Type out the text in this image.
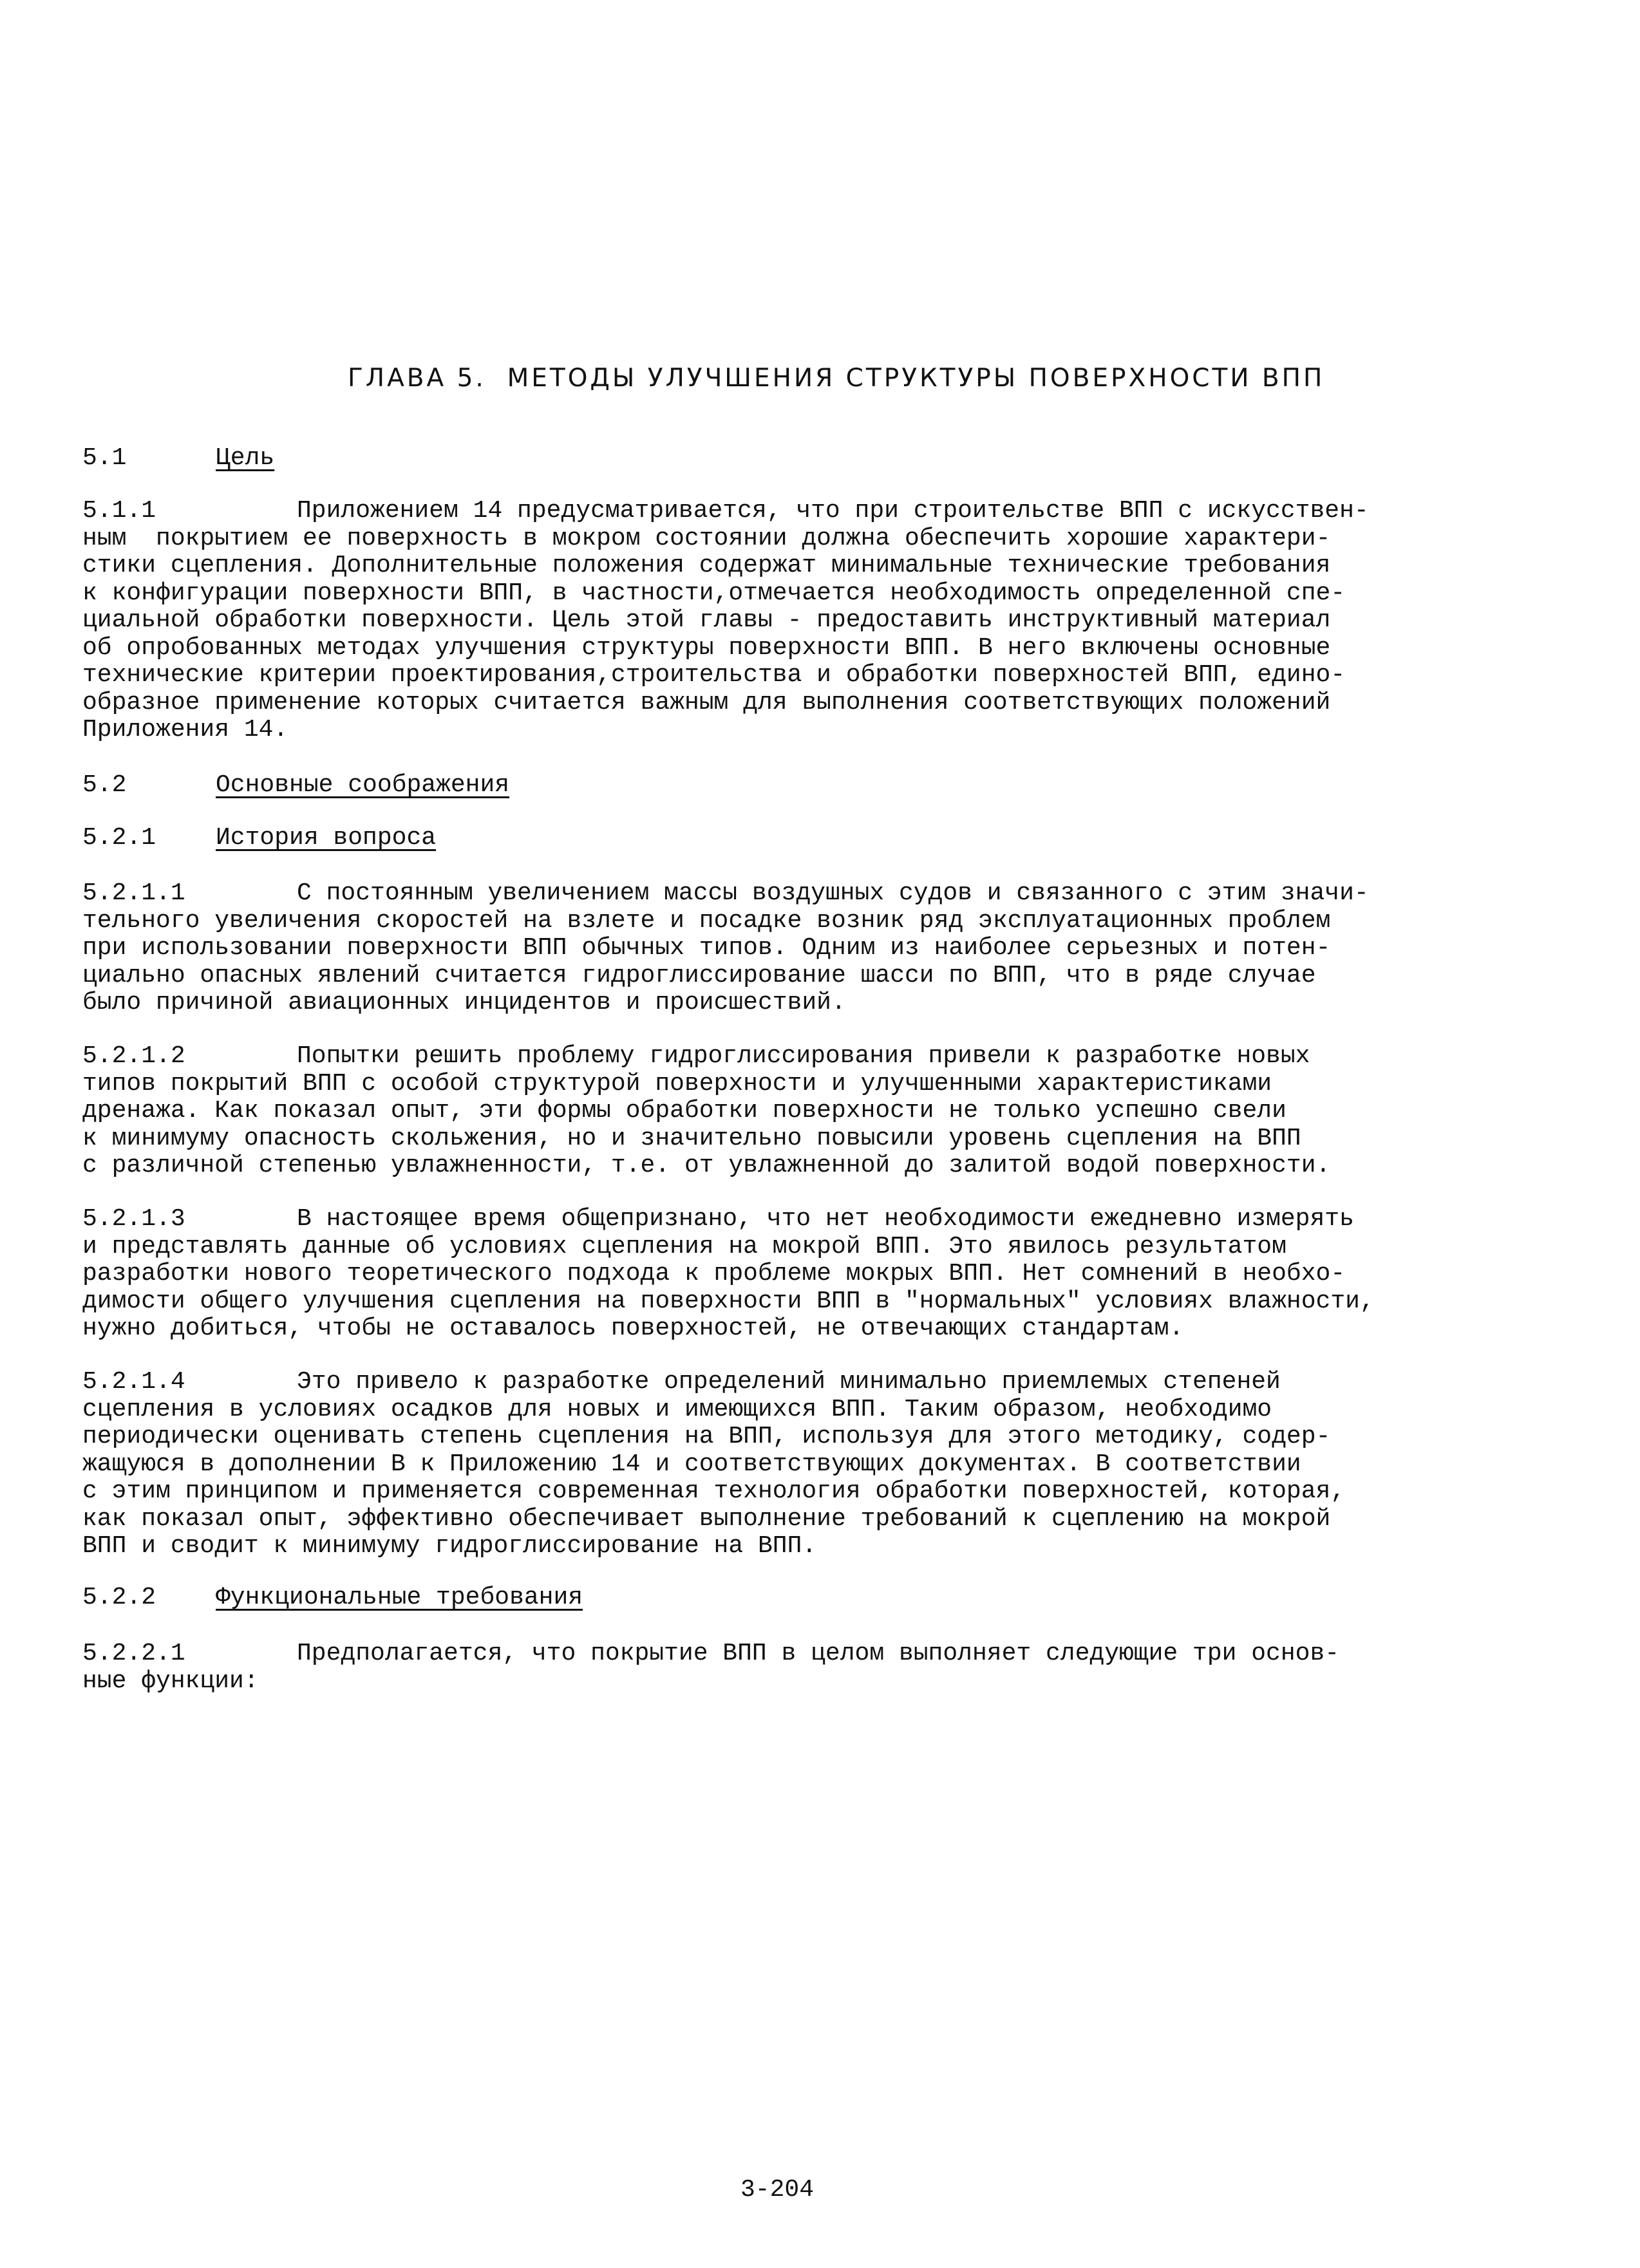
ГЛАВА 5.  МЕТОДЫ УЛУЧШЕНИЯ СТРУКТУРЫ ПОВЕРХНОСТИ ВПП
5.1	Цель
5.1.1	Приложением 14 предусматривается, что при строительстве ВПП с искусствен-
ным  покрытием ее поверхность в мокром состоянии должна обеспечить хорошие характери-
стики сцепления. Дополнительные положения содержат минимальные технические требования
к конфигурации поверхности ВПП, в частности,отмечается необходимость определенной спе-
циальной обработки поверхности. Цель этой главы - предоставить инструктивный материал
об опробованных методах улучшения структуры поверхности ВПП. В него включены основные
технические критерии проектирования,строительства и обработки поверхностей ВПП, едино-
образное применение которых считается важным для выполнения соответствующих положений
Приложения 14.
5.2	Основные соображения
5.2.1 История вопроса
5.2.1.1	С постоянным увеличением массы воздушных судов и связанного с этим значи-
тельного увеличения скоростей на взлете и посадке возник ряд эксплуатационных проблем
при использовании поверхности ВПП обычных типов. Одним из наиболее серьезных и потен-
циально опасных явлений считается гидроглиссирование шасси по ВПП, что в ряде случае
было причиной авиационных инцидентов и происшествий.
5.2.1.2	Попытки решить проблему гидроглиссирования привели к разработке новых
типов покрытий ВПП с особой структурой поверхности и улучшенными характеристиками
дренажа. Как показал опыт, эти формы обработки поверхности не только успешно свели
к минимуму опасность скольжения, но и значительно повысили уровень сцепления на ВПП
с различной степенью увлажненности, т.е. от увлажненной до залитой водой поверхности.
5.2.1.3	В настоящее время общепризнано, что нет необходимости ежедневно измерять
и представлять данные об условиях сцепления на мокрой ВПП. Это явилось результатом
разработки нового теоретического подхода к проблеме мокрых ВПП. Нет сомнений в необхо-
димости общего улучшения сцепления на поверхности ВПП в "нормальных" условиях влажности,
нужно добиться, чтобы не оставалось поверхностей, не отвечающих стандартам.
5.2.1.4	Это привело к разработке определений минимально приемлемых степеней
сцепления в условиях осадков для новых и имеющихся ВПП. Таким образом, необходимо
периодически оценивать степень сцепления на ВПП, используя для этого методику, содер-
жащуюся в дополнении В к Приложению 14 и соответствующих документах. В соответствии
с этим принципом и применяется современная технология обработки поверхностей, которая,
как показал опыт, эффективно обеспечивает выполнение требований к сцеплению на мокрой
ВПП и сводит к минимуму гидроглиссирование на ВПП.
5.2.2 Функциональные требования
5.2.2.1	Предполагается, что покрытие ВПП в целом выполняет следующие три основ-
ные функции:
3-204
